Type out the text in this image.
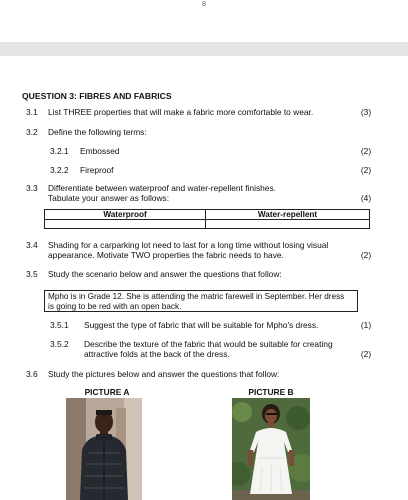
8
QUESTION 3: FIBRES AND FABRICS
3.1 List THREE properties that will make a fabric more comfortable to wear.	(3)
3.2 Define the following terms:
3.2.1 Embossed	(2)
3.2.2 Fireproof	(2)
3.3 Differentiate between waterproof and water-repellent finishes.
Tabulate your answer as follows:	(4)
Waterproof	Water-repellent
3.4 Shading for a carparking lot need to last for a long time without losing visual
appearance. Motivate TWO properties the fabric needs to have.	(2)
3.5 Study the scenario below and answer the questions that follow:
Mpho is in Grade 12. She is attending the matric farewell in September. Her dress
is going to be red with an open back.
3.5.1 Suggest the type of fabric that will be suitable for Mpho's dress.	(1)
3.5.2 Describe the texture of the fabric that would be suitable for creating
attractive folds at the back of the dress.	(2)
3.6 Study the pictures below and answer the questions that follow:
PICTURE A	PICTURE B
